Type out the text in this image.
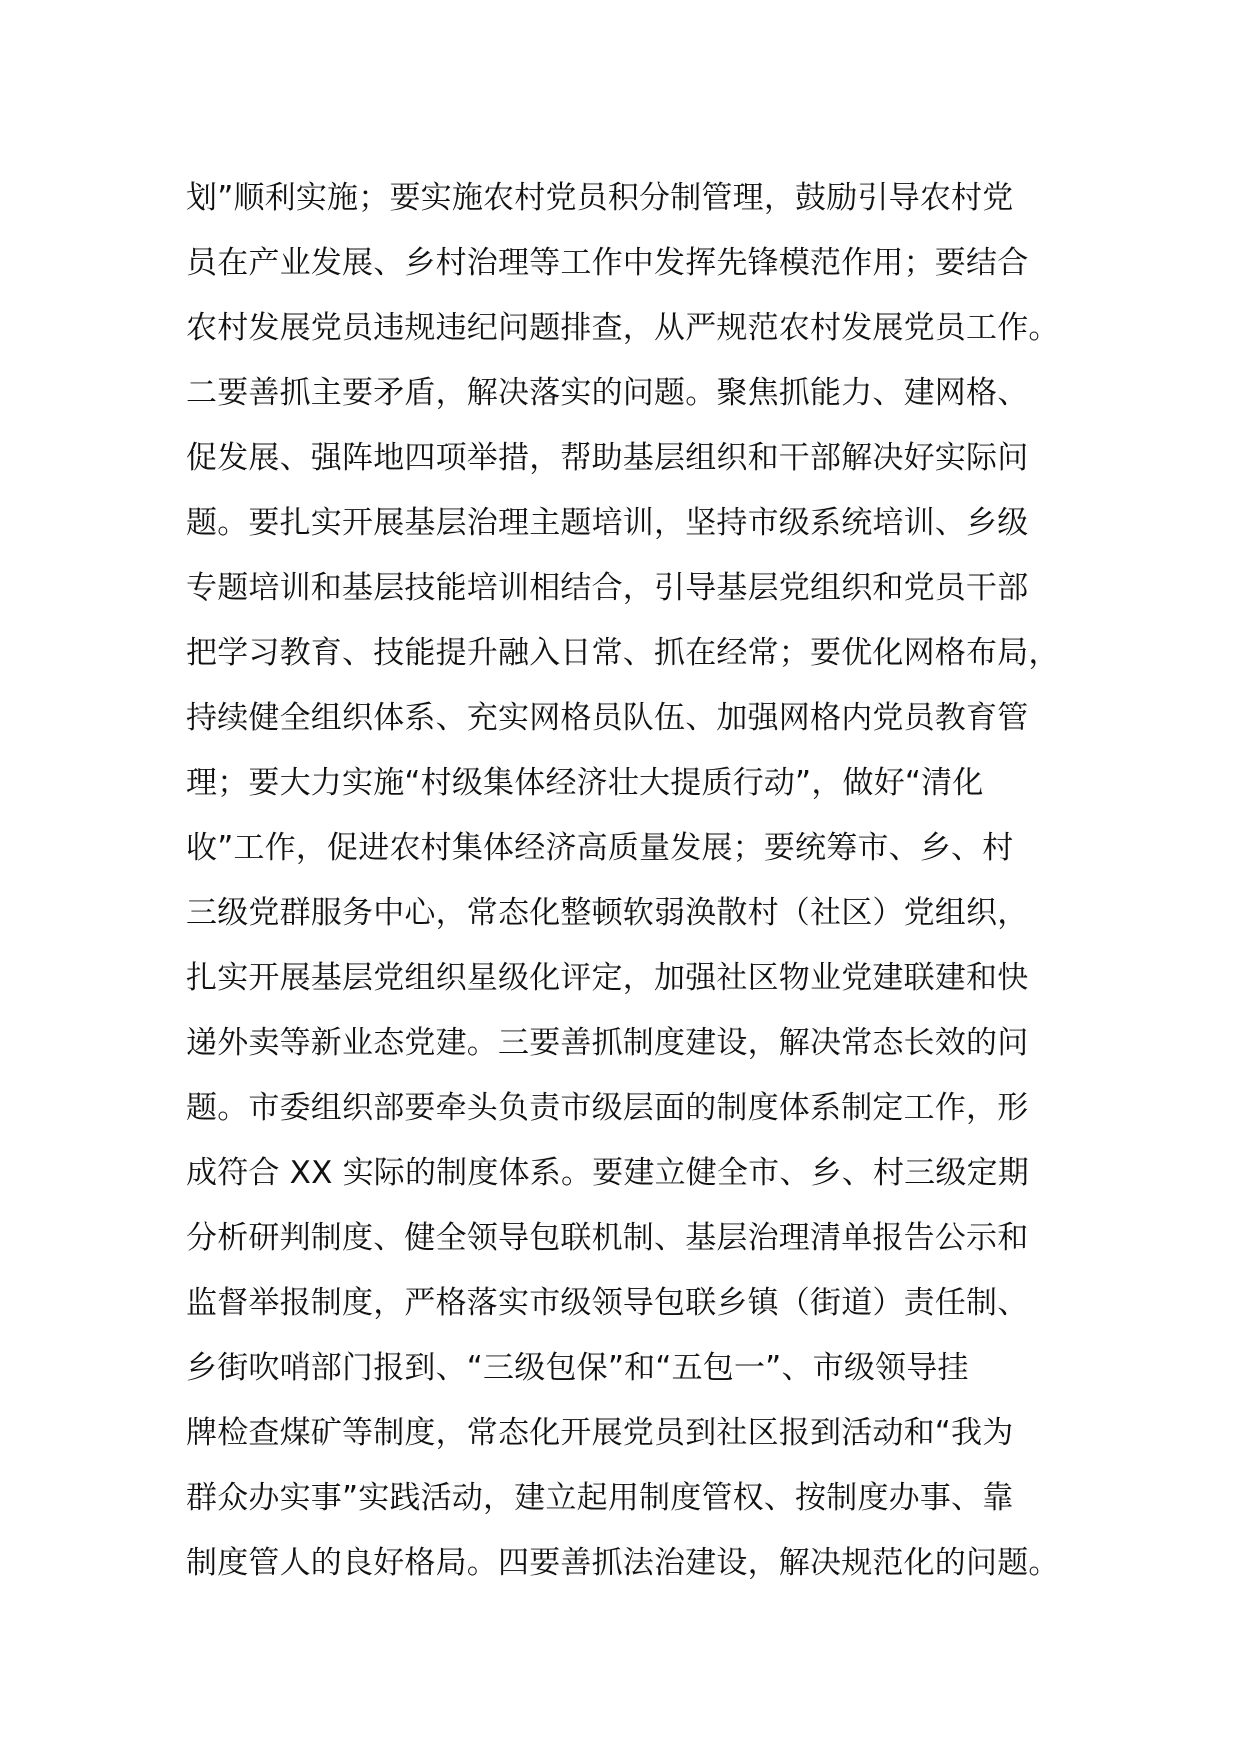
划”顺利实施；要实施农村党员积分制管理，鼓励引导农村党
员在产业发展、乡村治理等工作中发挥先锋模范作用；要结合
农村发展党员违规违纪问题排查，从严规范农村发展党员工作。
二要善抓主要矛盾，解决落实的问题。聚焦抓能力、建网格、
促发展、强阵地四项举措，帮助基层组织和干部解决好实际问
题。要扎实开展基层治理主题培训，坚持市级系统培训、乡级
专题培训和基层技能培训相结合，引导基层党组织和党员干部
把学习教育、技能提升融入日常、抓在经常；要优化网格布局，
持续健全组织体系、充实网格员队伍、加强网格内党员教育管
理；要大力实施“村级集体经济壮大提质行动”，做好“清化
收”工作，促进农村集体经济高质量发展；要统筹市、乡、村
三级党群服务中心，常态化整顿软弱涣散村（社区）党组织，
扎实开展基层党组织星级化评定，加强社区物业党建联建和快
递外卖等新业态党建。三要善抓制度建设，解决常态长效的问
题。市委组织部要牵头负责市级层面的制度体系制定工作，形
成符合 XX 实际的制度体系。要建立健全市、乡、村三级定期
分析研判制度、健全领导包联机制、基层治理清单报告公示和
监督举报制度，严格落实市级领导包联乡镇（街道）责任制、
乡街吹哨部门报到、“三级包保”和“五包一”、市级领导挂
牌检查煤矿等制度，常态化开展党员到社区报到活动和“我为
群众办实事”实践活动，建立起用制度管权、按制度办事、靠
制度管人的良好格局。四要善抓法治建设，解决规范化的问题。
